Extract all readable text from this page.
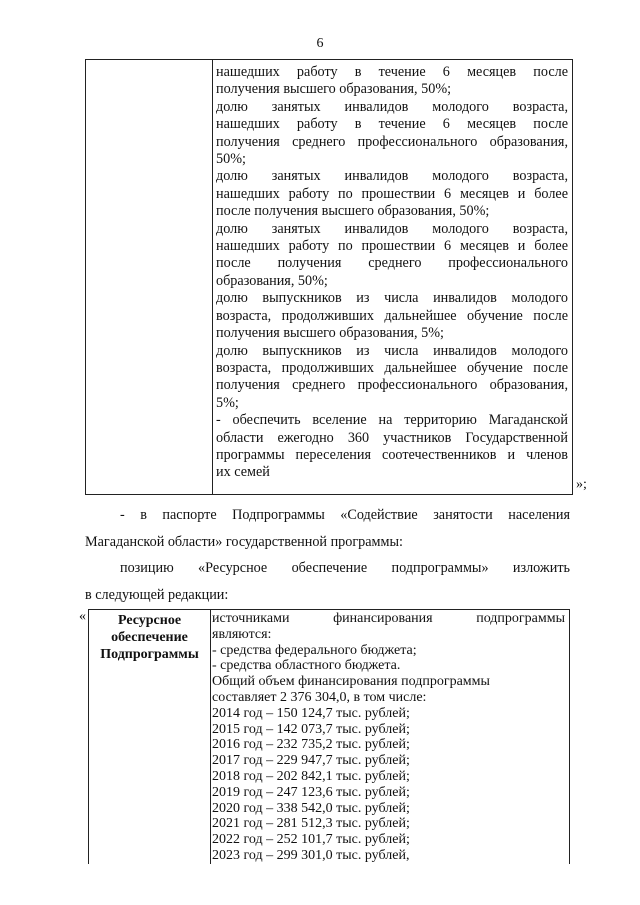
6
нашедших работу в течение 6 месяцев после
получения высшего образования, 50%;
долю занятых инвалидов молодого возраста,
нашедших работу в течение 6 месяцев после
получения среднего профессионального образования,
50%;
долю занятых инвалидов молодого возраста,
нашедших работу по прошествии 6 месяцев и более
после получения высшего образования, 50%;
долю занятых инвалидов молодого возраста,
нашедших работу по прошествии 6 месяцев и более
после получения среднего профессионального
образования, 50%;
долю выпускников из числа инвалидов молодого
возраста, продолживших дальнейшее обучение после
получения высшего образования, 5%;
долю выпускников из числа инвалидов молодого
возраста, продолживших дальнейшее обучение после
получения среднего профессионального образования,
5%;
- обеспечить вселение на территорию Магаданской
области ежегодно 360 участников Государственной
программы переселения соотечественников и членов
их семей
»;
- в паспорте Подпрограммы «Содействие занятости населения
Магаданской области» государственной программы:
позицию «Ресурсное обеспечение подпрограммы» изложить
в следующей редакции:
«	Ресурсное
обеспечение
Подпрограммы
источниками финансирования подпрограммы
являются:
- средства федерального бюджета;
- средства областного бюджета.
Общий объем финансирования подпрограммы
составляет 2 376 304,0, в том числе:
2014 год – 150 124,7 тыс. рублей;
2015 год – 142 073,7 тыс. рублей;
2016 год – 232 735,2 тыс. рублей;
2017 год – 229 947,7 тыс. рублей;
2018 год – 202 842,1 тыс. рублей;
2019 год – 247 123,6 тыс. рублей;
2020 год – 338 542,0 тыс. рублей;
2021 год – 281 512,3 тыс. рублей;
2022 год – 252 101,7 тыс. рублей;
2023 год – 299 301,0 тыс. рублей,
